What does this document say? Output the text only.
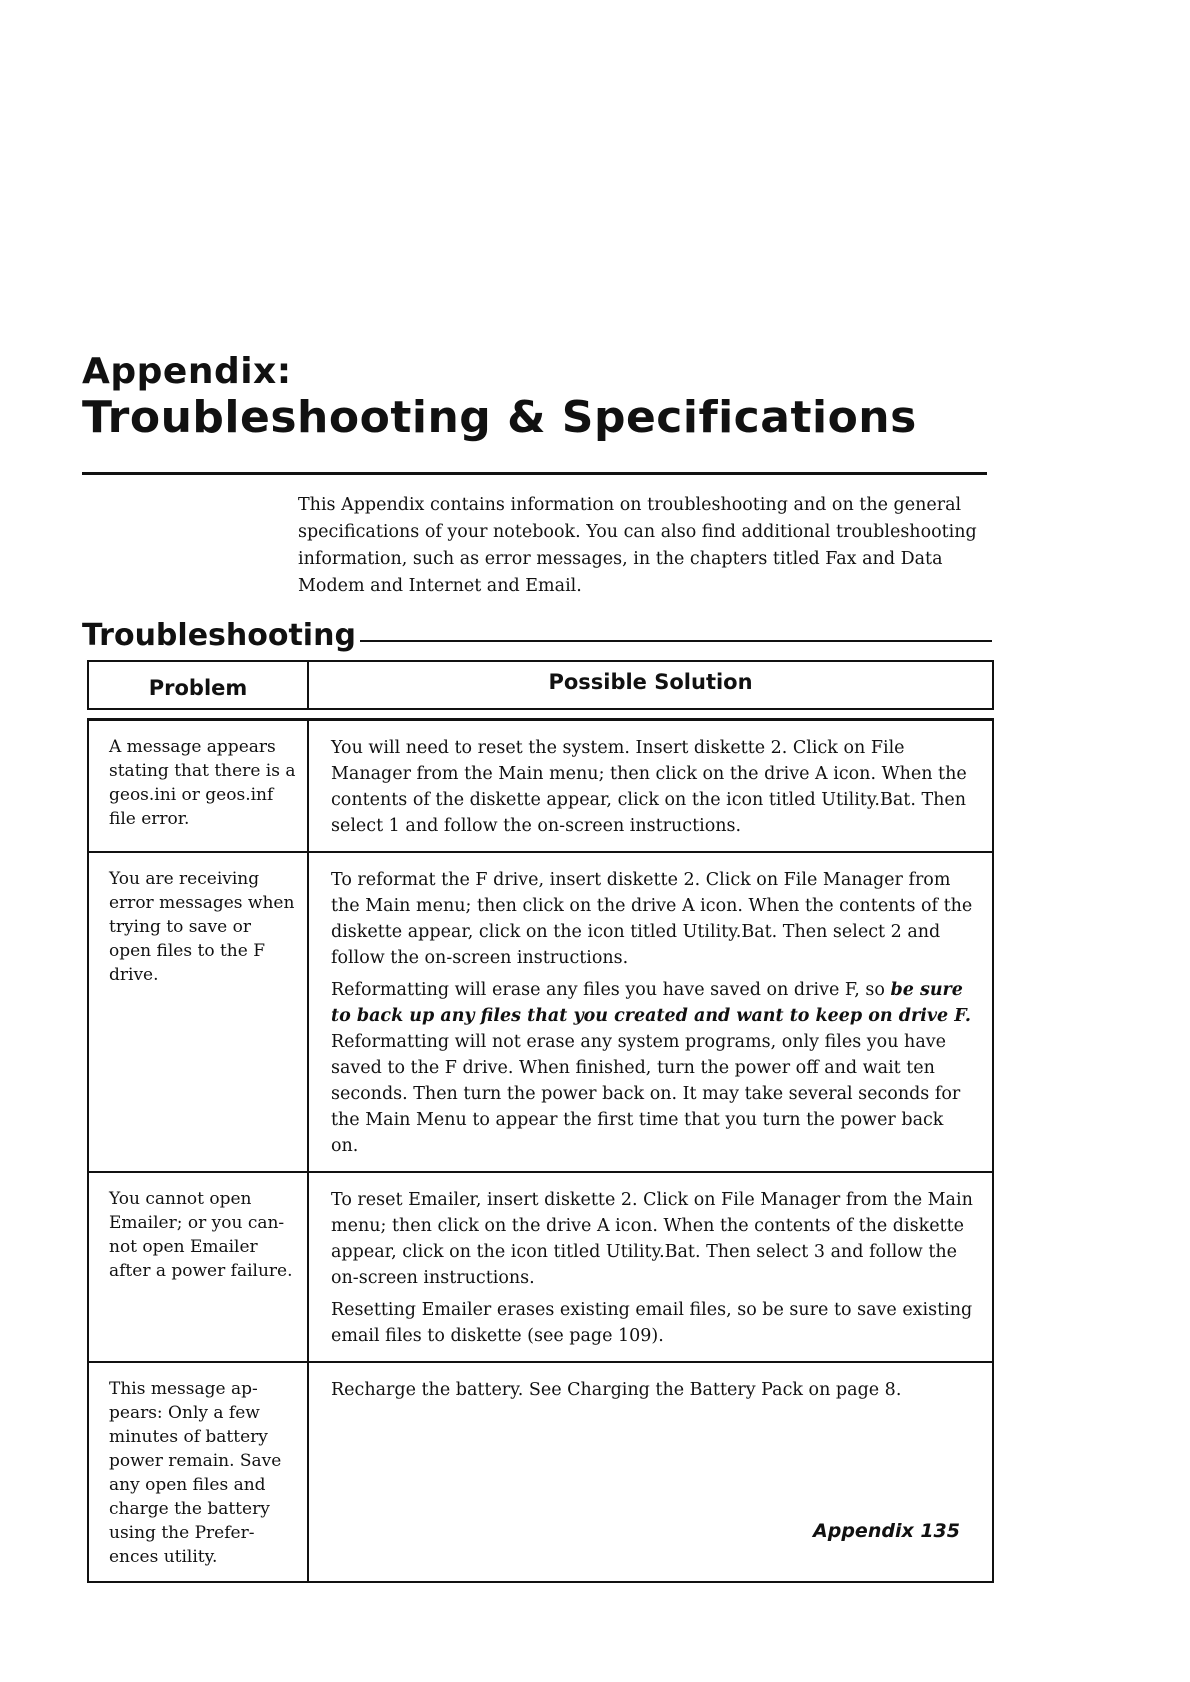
Appendix:
Troubleshooting & Specifications

This Appendix contains information on troubleshooting and on the general specifications of your notebook. You can also find additional troubleshooting information, such as error messages, in the chapters titled Fax and Data Modem and Internet and Email.

Troubleshooting
Problem	Possible Solution
A message appears stating that there is a geos.ini or geos.inf file error.

You will need to reset the system. Insert diskette 2. Click on File Manager from the Main menu; then click on the drive A icon. When the contents of the diskette appear, click on the icon titled Utility.Bat. Then select 1 and follow the on-screen instructions.

You are receiving error messages when trying to save or open files to the F drive.

To reformat the F drive, insert diskette 2. Click on File Manager from the Main menu; then click on the drive A icon. When the contents of the diskette appear, click on the icon titled Utility.Bat. Then select 2 and follow the on-screen instructions.

Reformatting will erase any files you have saved on drive F, so be sure to back up any files that you created and want to keep on drive F. Reformatting will not erase any system programs, only files you have saved to the F drive. When finished, turn the power off and wait ten seconds. Then turn the power back on. It may take several seconds for the Main Menu to appear the first time that you turn the power back on.

You cannot open Emailer; or you can- not open Emailer after a power failure.

To reset Emailer, insert diskette 2. Click on File Manager from the Main menu; then click on the drive A icon. When the contents of the diskette appear, click on the icon titled Utility.Bat. Then select 3 and follow the on-screen instructions.

Resetting Emailer erases existing email files, so be sure to save existing email files to diskette (see page 109).

This message ap- pears: Only a few minutes of battery power remain. Save any open files and charge the battery using the Prefer- ences utility.

Recharge the battery. See Charging the Battery Pack on page 8.

Appendix 135
